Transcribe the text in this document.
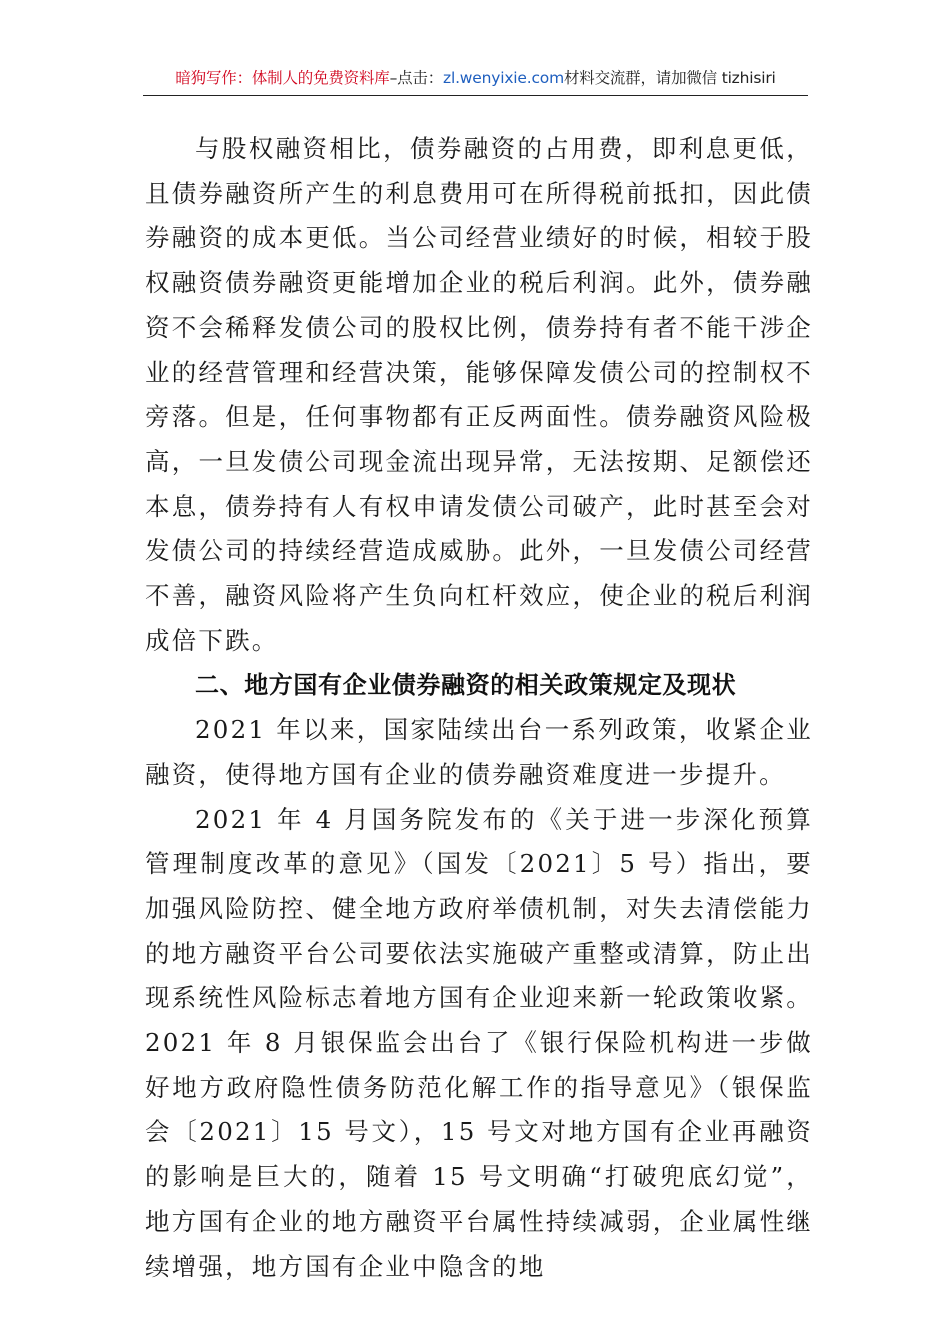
暗狗写作：体制人的免费资料库–点击：zl.wenyixie.com材料交流群，请加微信 tizhisiri

与股权融资相比，债券融资的占用费，即利息更低，且债券融资所产生的利息费用可在所得税前抵扣，因此债券融资的成本更低。当公司经营业绩好的时候，相较于股权融资债券融资更能增加企业的税后利润。此外，债券融资不会稀释发债公司的股权比例，债券持有者不能干涉企业的经营管理和经营决策，能够保障发债公司的控制权不旁落。但是，任何事物都有正反两面性。债券融资风险极高，一旦发债公司现金流出现异常，无法按期、足额偿还本息，债券持有人有权申请发债公司破产，此时甚至会对发债公司的持续经营造成威胁。此外，一旦发债公司经营不善，融资风险将产生负向杠杆效应，使企业的税后利润成倍下跌。

二、地方国有企业债券融资的相关政策规定及现状

2021 年以来，国家陆续出台一系列政策，收紧企业融资，使得地方国有企业的债券融资难度进一步提升。

2021 年 4 月国务院发布的《关于进一步深化预算管理制度改革的意见》（国发〔2021〕5 号）指出，要加强风险防控、健全地方政府举债机制，对失去清偿能力的地方融资平台公司要依法实施破产重整或清算，防止出现系统性风险标志着地方国有企业迎来新一轮政策收紧。2021 年 8 月银保监会出台了《银行保险机构进一步做好地方政府隐性债务防范化解工作的指导意见》（银保监会〔2021〕15 号文），15 号文对地方国有企业再融资的影响是巨大的，随着 15 号文明确“打破兜底幻觉”，地方国有企业的地方融资平台属性持续减弱，企业属性继续增强，地方国有企业中隐含的地
